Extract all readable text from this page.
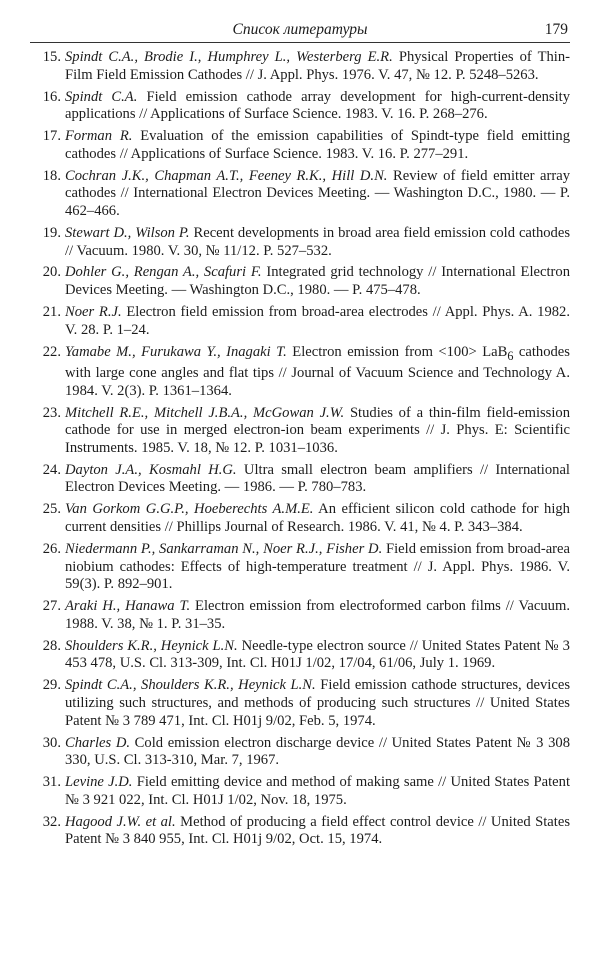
Список литературы	179
15. Spindt C.A., Brodie I., Humphrey L., Westerberg E.R. Physical Properties of Thin-Film Field Emission Cathodes // J. Appl. Phys. 1976. V. 47, № 12. P. 5248–5263.
16. Spindt C.A. Field emission cathode array development for high-current-density applications // Applications of Surface Science. 1983. V. 16. P. 268–276.
17. Forman R. Evaluation of the emission capabilities of Spindt-type field emitting cathodes // Applications of Surface Science. 1983. V. 16. P. 277–291.
18. Cochran J.K., Chapman A.T., Feeney R.K., Hill D.N. Review of field emitter array cathodes // International Electron Devices Meeting. — Washington D.C., 1980. — P. 462–466.
19. Stewart D., Wilson P. Recent developments in broad area field emission cold cathodes // Vacuum. 1980. V. 30, № 11/12. P. 527–532.
20. Dohler G., Rengan A., Scafuri F. Integrated grid technology // International Electron Devices Meeting. — Washington D.C., 1980. — P. 475–478.
21. Noer R.J. Electron field emission from broad-area electrodes // Appl. Phys. A. 1982. V. 28. P. 1–24.
22. Yamabe M., Furukawa Y., Inagaki T. Electron emission from <100> LaB$_6$ cathodes with large cone angles and flat tips // Journal of Vacuum Science and Technology A. 1984. V. 2(3). P. 1361–1364.
23. Mitchell R.E., Mitchell J.B.A., McGowan J.W. Studies of a thin-film field-emission cathode for use in merged electron-ion beam experiments // J. Phys. E: Scientific Instruments. 1985. V. 18, № 12. P. 1031–1036.
24. Dayton J.A., Kosmahl H.G. Ultra small electron beam amplifiers // International Electron Devices Meeting. — 1986. — P. 780–783.
25. Van Gorkom G.G.P., Hoeberechts A.M.E. An efficient silicon cold cathode for high current densities // Phillips Journal of Research. 1986. V. 41, № 4. P. 343–384.
26. Niedermann P., Sankarraman N., Noer R.J., Fisher D. Field emission from broad-area niobium cathodes: Effects of high-temperature treatment // J. Appl. Phys. 1986. V. 59(3). P. 892–901.
27. Araki H., Hanawa T. Electron emission from electroformed carbon films // Vacuum. 1988. V. 38, № 1. P. 31–35.
28. Shoulders K.R., Heynick L.N. Needle-type electron source // United States Patent № 3 453 478, U.S. Cl. 313-309, Int. Cl. H01J 1/02, 17/04, 61/06, July 1. 1969.
29. Spindt C.A., Shoulders K.R., Heynick L.N. Field emission cathode structures, devices utilizing such structures, and methods of producing such structures // United States Patent № 3 789 471, Int. Cl. H01j 9/02, Feb. 5, 1974.
30. Charles D. Cold emission electron discharge device // United States Patent № 3 308 330, U.S. Cl. 313-310, Mar. 7, 1967.
31. Levine J.D. Field emitting device and method of making same // United States Patent № 3 921 022, Int. Cl. H01J 1/02, Nov. 18, 1975.
32. Hagood J.W. et al. Method of producing a field effect control device // United States Patent № 3 840 955, Int. Cl. H01j 9/02, Oct. 15, 1974.
